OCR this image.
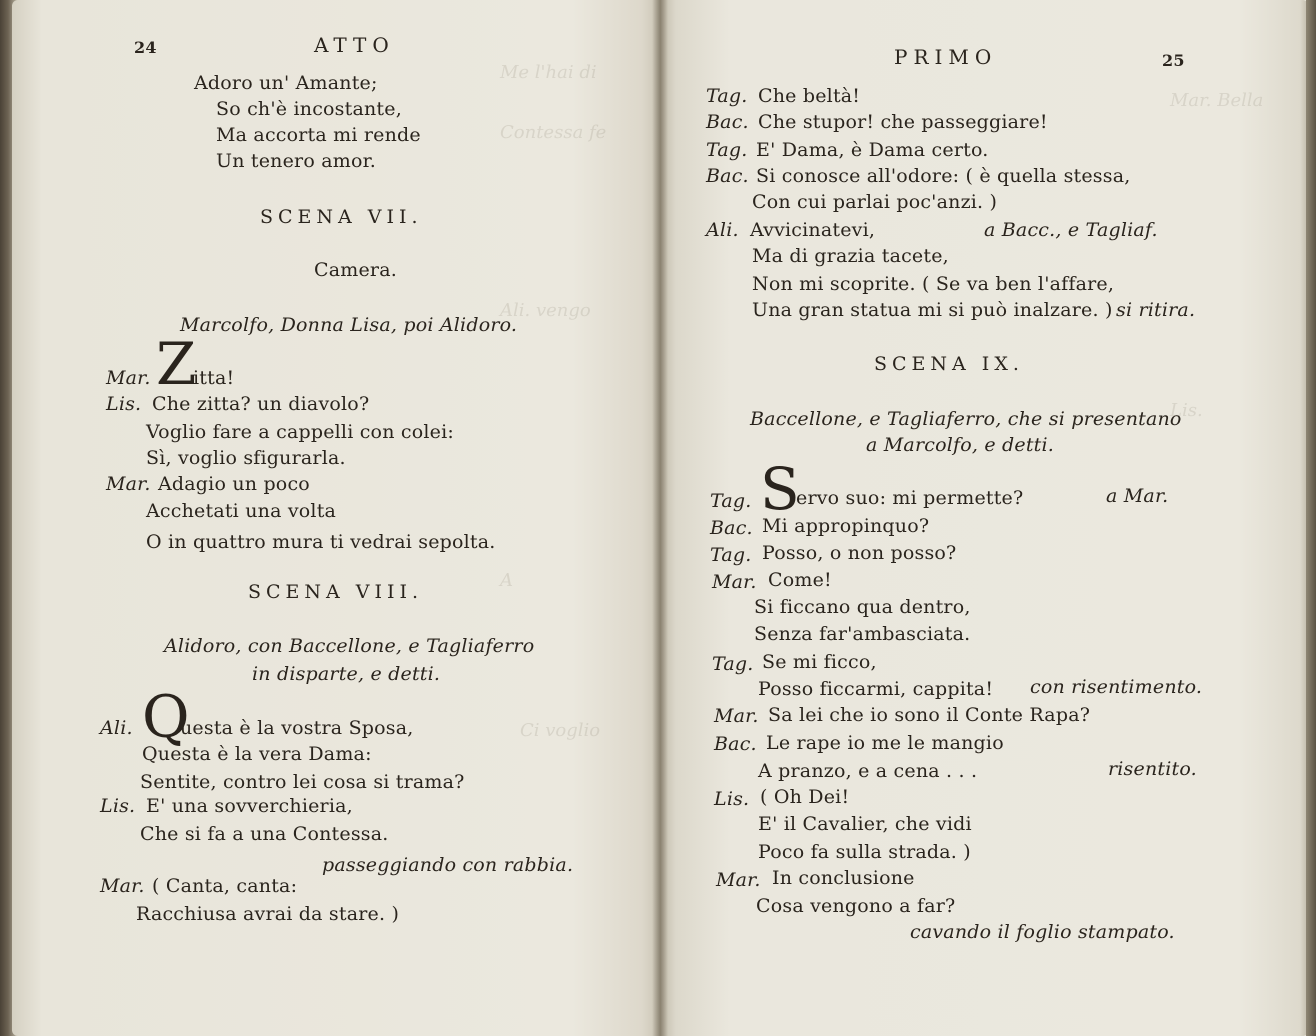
Me l'hai di
Contessa fe
Ali. vengo
A
Ci voglio
Mar. Bella
Lis.
24	ATTO
Adoro un' Amante;
So ch'è incostante,
Ma accorta mi rende
Un tenero amor.
SCENA VII.
Camera.
Marcolfo, Donna Lisa, poi Alidoro.
Mar. Z
itta!
Lis. Che zitta? un diavolo?
Voglio fare a cappelli con colei:
Sì, voglio sfigurarla.
Mar. Adagio un poco
Acchetati una volta
O in quattro mura ti vedrai sepolta.
SCENA VIII.
Alidoro, con Baccellone, e Tagliaferro
in disparte, e detti.
Ali. Q
uesta è la vostra Sposa,
Questa è la vera Dama:
Sentite, contro lei cosa si trama?
Lis. E' una sovverchieria,
Che si fa a una Contessa.
passeggiando con rabbia.
Mar. ( Canta, canta:
Racchiusa avrai da stare. )
PRIMO	25
Tag. Che beltà!
Bac. Che stupor! che passeggiare!
Tag. E' Dama, è Dama certo.
Bac. Si conosce all'odore: ( è quella stessa,
Con cui parlai poc'anzi. )
Ali. Avvicinatevi,	a Bacc., e Tagliaf.
Ma di grazia tacete,
Non mi scoprite. ( Se va ben l'affare,
Una gran statua mi si può inalzare. ) si ritira.
SCENA IX.
Baccellone, e Tagliaferro, che si presentano
a Marcolfo, e detti.
Tag. S
ervo suo: mi permette?	a Mar.
Bac. Mi appropinquo?
Tag. Posso, o non posso?
Mar. Come!
Si ficcano qua dentro,
Senza far'ambasciata.
Tag. Se mi ficco,
Posso ficcarmi, cappita! con risentimento.
Mar. Sa lei che io sono il Conte Rapa?
Bac. Le rape io me le mangio
A pranzo, e a cena . . .	risentito.
Lis. ( Oh Dei!
E' il Cavalier, che vidi
Poco fa sulla strada. )
Mar. In conclusione
Cosa vengono a far?
cavando il foglio stampato.
